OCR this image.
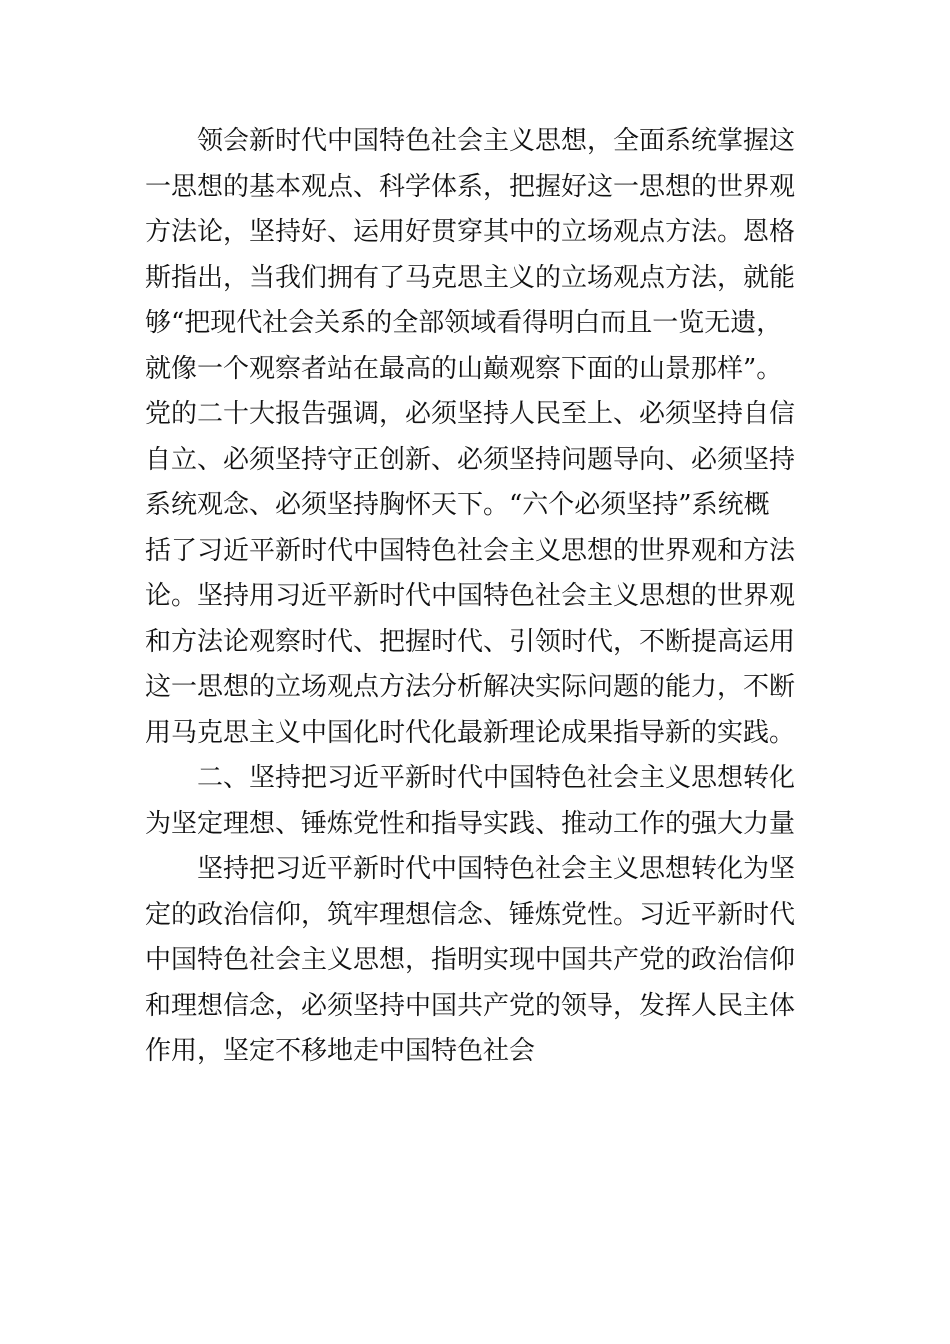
领会新时代中国特色社会主义思想，全面系统掌握这
一思想的基本观点、科学体系，把握好这一思想的世界观
方法论，坚持好、运用好贯穿其中的立场观点方法。恩格
斯指出，当我们拥有了马克思主义的立场观点方法，就能
够“把现代社会关系的全部领域看得明白而且一览无遗，
就像一个观察者站在最高的山巅观察下面的山景那样”。
党的二十大报告强调，必须坚持人民至上、必须坚持自信
自立、必须坚持守正创新、必须坚持问题导向、必须坚持
系统观念、必须坚持胸怀天下。“六个必须坚持”系统概
括了习近平新时代中国特色社会主义思想的世界观和方法
论。坚持用习近平新时代中国特色社会主义思想的世界观
和方法论观察时代、把握时代、引领时代，不断提高运用
这一思想的立场观点方法分析解决实际问题的能力，不断
用马克思主义中国化时代化最新理论成果指导新的实践。
二、坚持把习近平新时代中国特色社会主义思想转化
为坚定理想、锤炼党性和指导实践、推动工作的强大力量
坚持把习近平新时代中国特色社会主义思想转化为坚
定的政治信仰，筑牢理想信念、锤炼党性。习近平新时代
中国特色社会主义思想，指明实现中国共产党的政治信仰
和理想信念，必须坚持中国共产党的领导，发挥人民主体
作用，坚定不移地走中国特色社会
